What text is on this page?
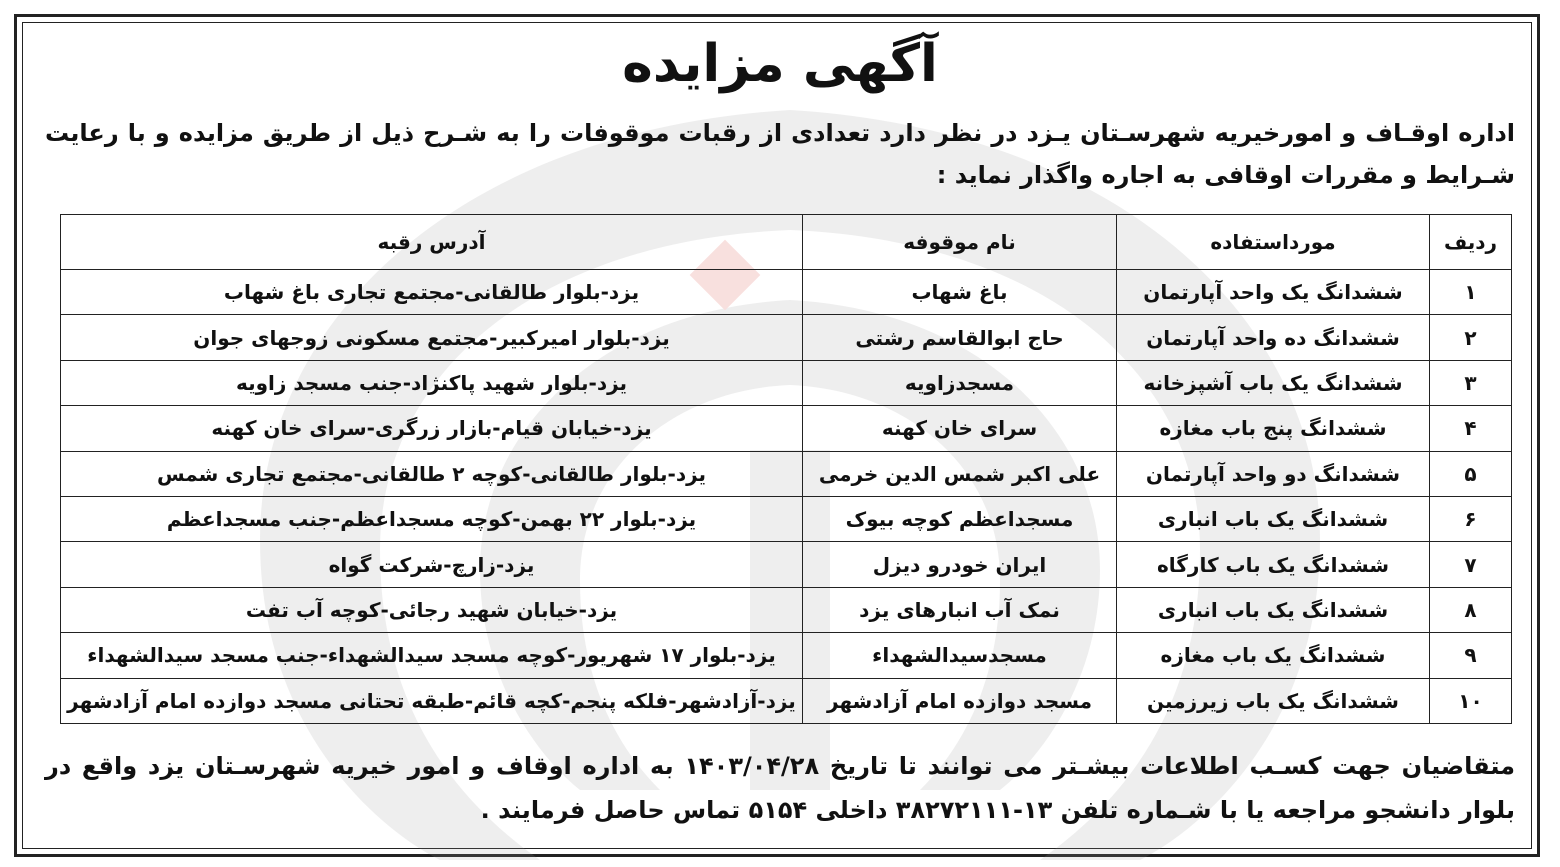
آگهی مزایده
اداره اوقـاف و امورخیریه شهرسـتان یـزد در نظر دارد تعدادی از رقبات موقوفات را به شـرح ذیل از طریق مزایده و با رعایت شـرایط و مقررات اوقافی به اجاره واگذار نماید :
ردیف	مورداستفاده	نام موقوفه	آدرس رقبه
۱	ششدانگ یک واحد آپارتمان	باغ شهاب	یزد-بلوار طالقانی-مجتمع تجاری باغ شهاب
۲	ششدانگ ده واحد آپارتمان	حاج ابوالقاسم رشتی	یزد-بلوار امیرکبیر-مجتمع مسکونی زوجهای جوان
۳	ششدانگ یک باب آشپزخانه	مسجدزاویه	یزد-بلوار شهید پاکنژاد-جنب مسجد زاویه
۴	ششدانگ پنج باب مغازه	سرای خان کهنه	یزد-خیابان قیام-بازار زرگری-سرای خان کهنه
۵	ششدانگ دو واحد آپارتمان	علی اکبر شمس الدین خرمی	یزد-بلوار طالقانی-کوچه ۲ طالقانی-مجتمع تجاری شمس
۶	ششدانگ یک باب انباری	مسجداعظم کوچه بیوک	یزد-بلوار ۲۲ بهمن-کوچه مسجداعظم-جنب مسجداعظم
۷	ششدانگ یک باب کارگاه	ایران خودرو دیزل	یزد-زارچ-شرکت گواه
۸	ششدانگ یک باب انباری	نمک آب انبارهای یزد	یزد-خیابان شهید رجائی-کوچه آب تفت
۹	ششدانگ یک باب مغازه	مسجدسیدالشهداء	یزد-بلوار ۱۷ شهریور-کوچه مسجد سیدالشهداء-جنب مسجد سیدالشهداء
۱۰	ششدانگ یک باب زیرزمین	مسجد دوازده امام آزادشهر	یزد-آزادشهر-فلکه پنجم-کچه قائم-طبقه تحتانی مسجد دوازده امام آزادشهر
متقاضیان جهت کسـب اطلاعات بیشـتر می توانند تا تاریخ ۱۴۰۳/۰۴/۲۸ به اداره اوقاف و امور خیریه شهرسـتان یزد واقع در بلوار دانشجو مراجعه یا با شـماره تلفن ۱۳-۳۸۲۷۲۱۱۱ داخلی ۵۱۵۴ تماس حاصل فرمایند .
